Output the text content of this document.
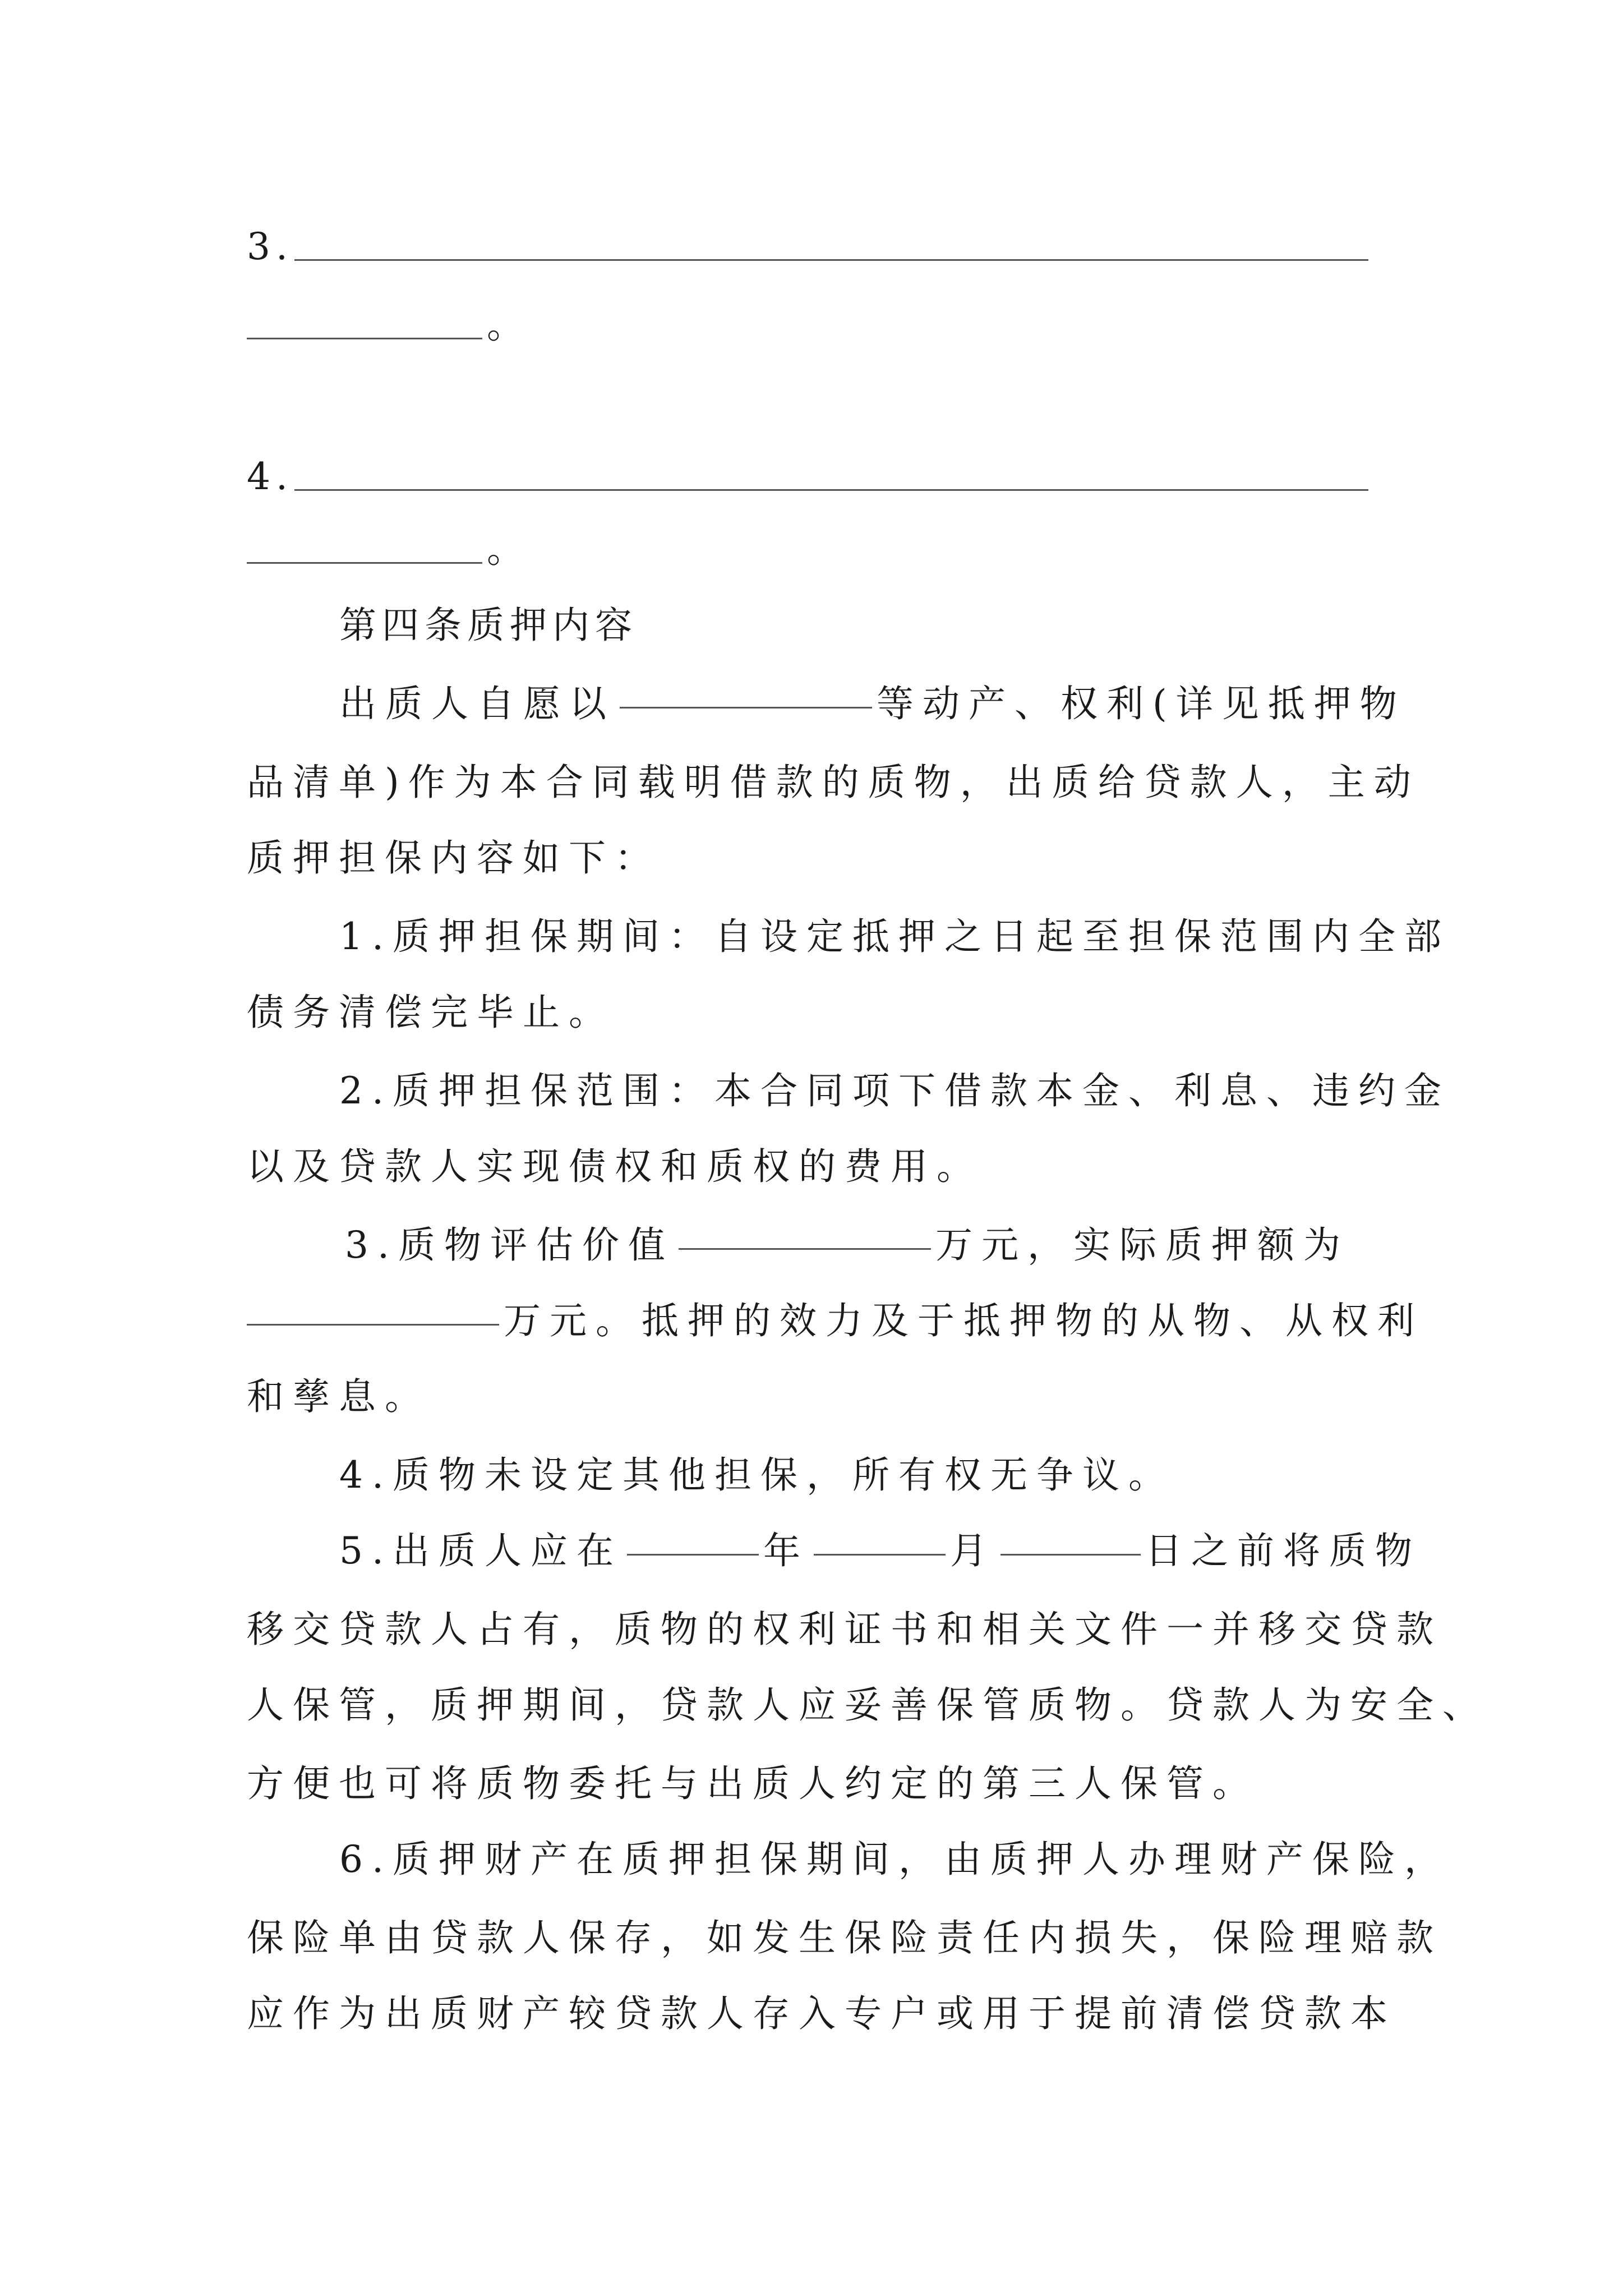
3.

。

4.

。

第四条质押内容

出质人自愿以	等动产、权利(详见抵押物

品清单)作为本合同载明借款的质物，出质给贷款人，主动

质押担保内容如下：

1.质押担保期间：自设定抵押之日起至担保范围内全部

债务清偿完毕止。

2.质押担保范围：本合同项下借款本金、利息、违约金

以及贷款人实现债权和质权的费用。

3.质物评估价值	万元，实际质押额为

万元。抵押的效力及于抵押物的从物、从权利

和孳息。

4.质物未设定其他担保，所有权无争议。

5.出质人应在	年	月	日之前将质物

移交贷款人占有，质物的权利证书和相关文件一并移交贷款

人保管，质押期间，贷款人应妥善保管质物。贷款人为安全、

方便也可将质物委托与出质人约定的第三人保管。

6.质押财产在质押担保期间，由质押人办理财产保险，

保险单由贷款人保存，如发生保险责任内损失，保险理赔款

应作为出质财产较贷款人存入专户或用于提前清偿贷款本
